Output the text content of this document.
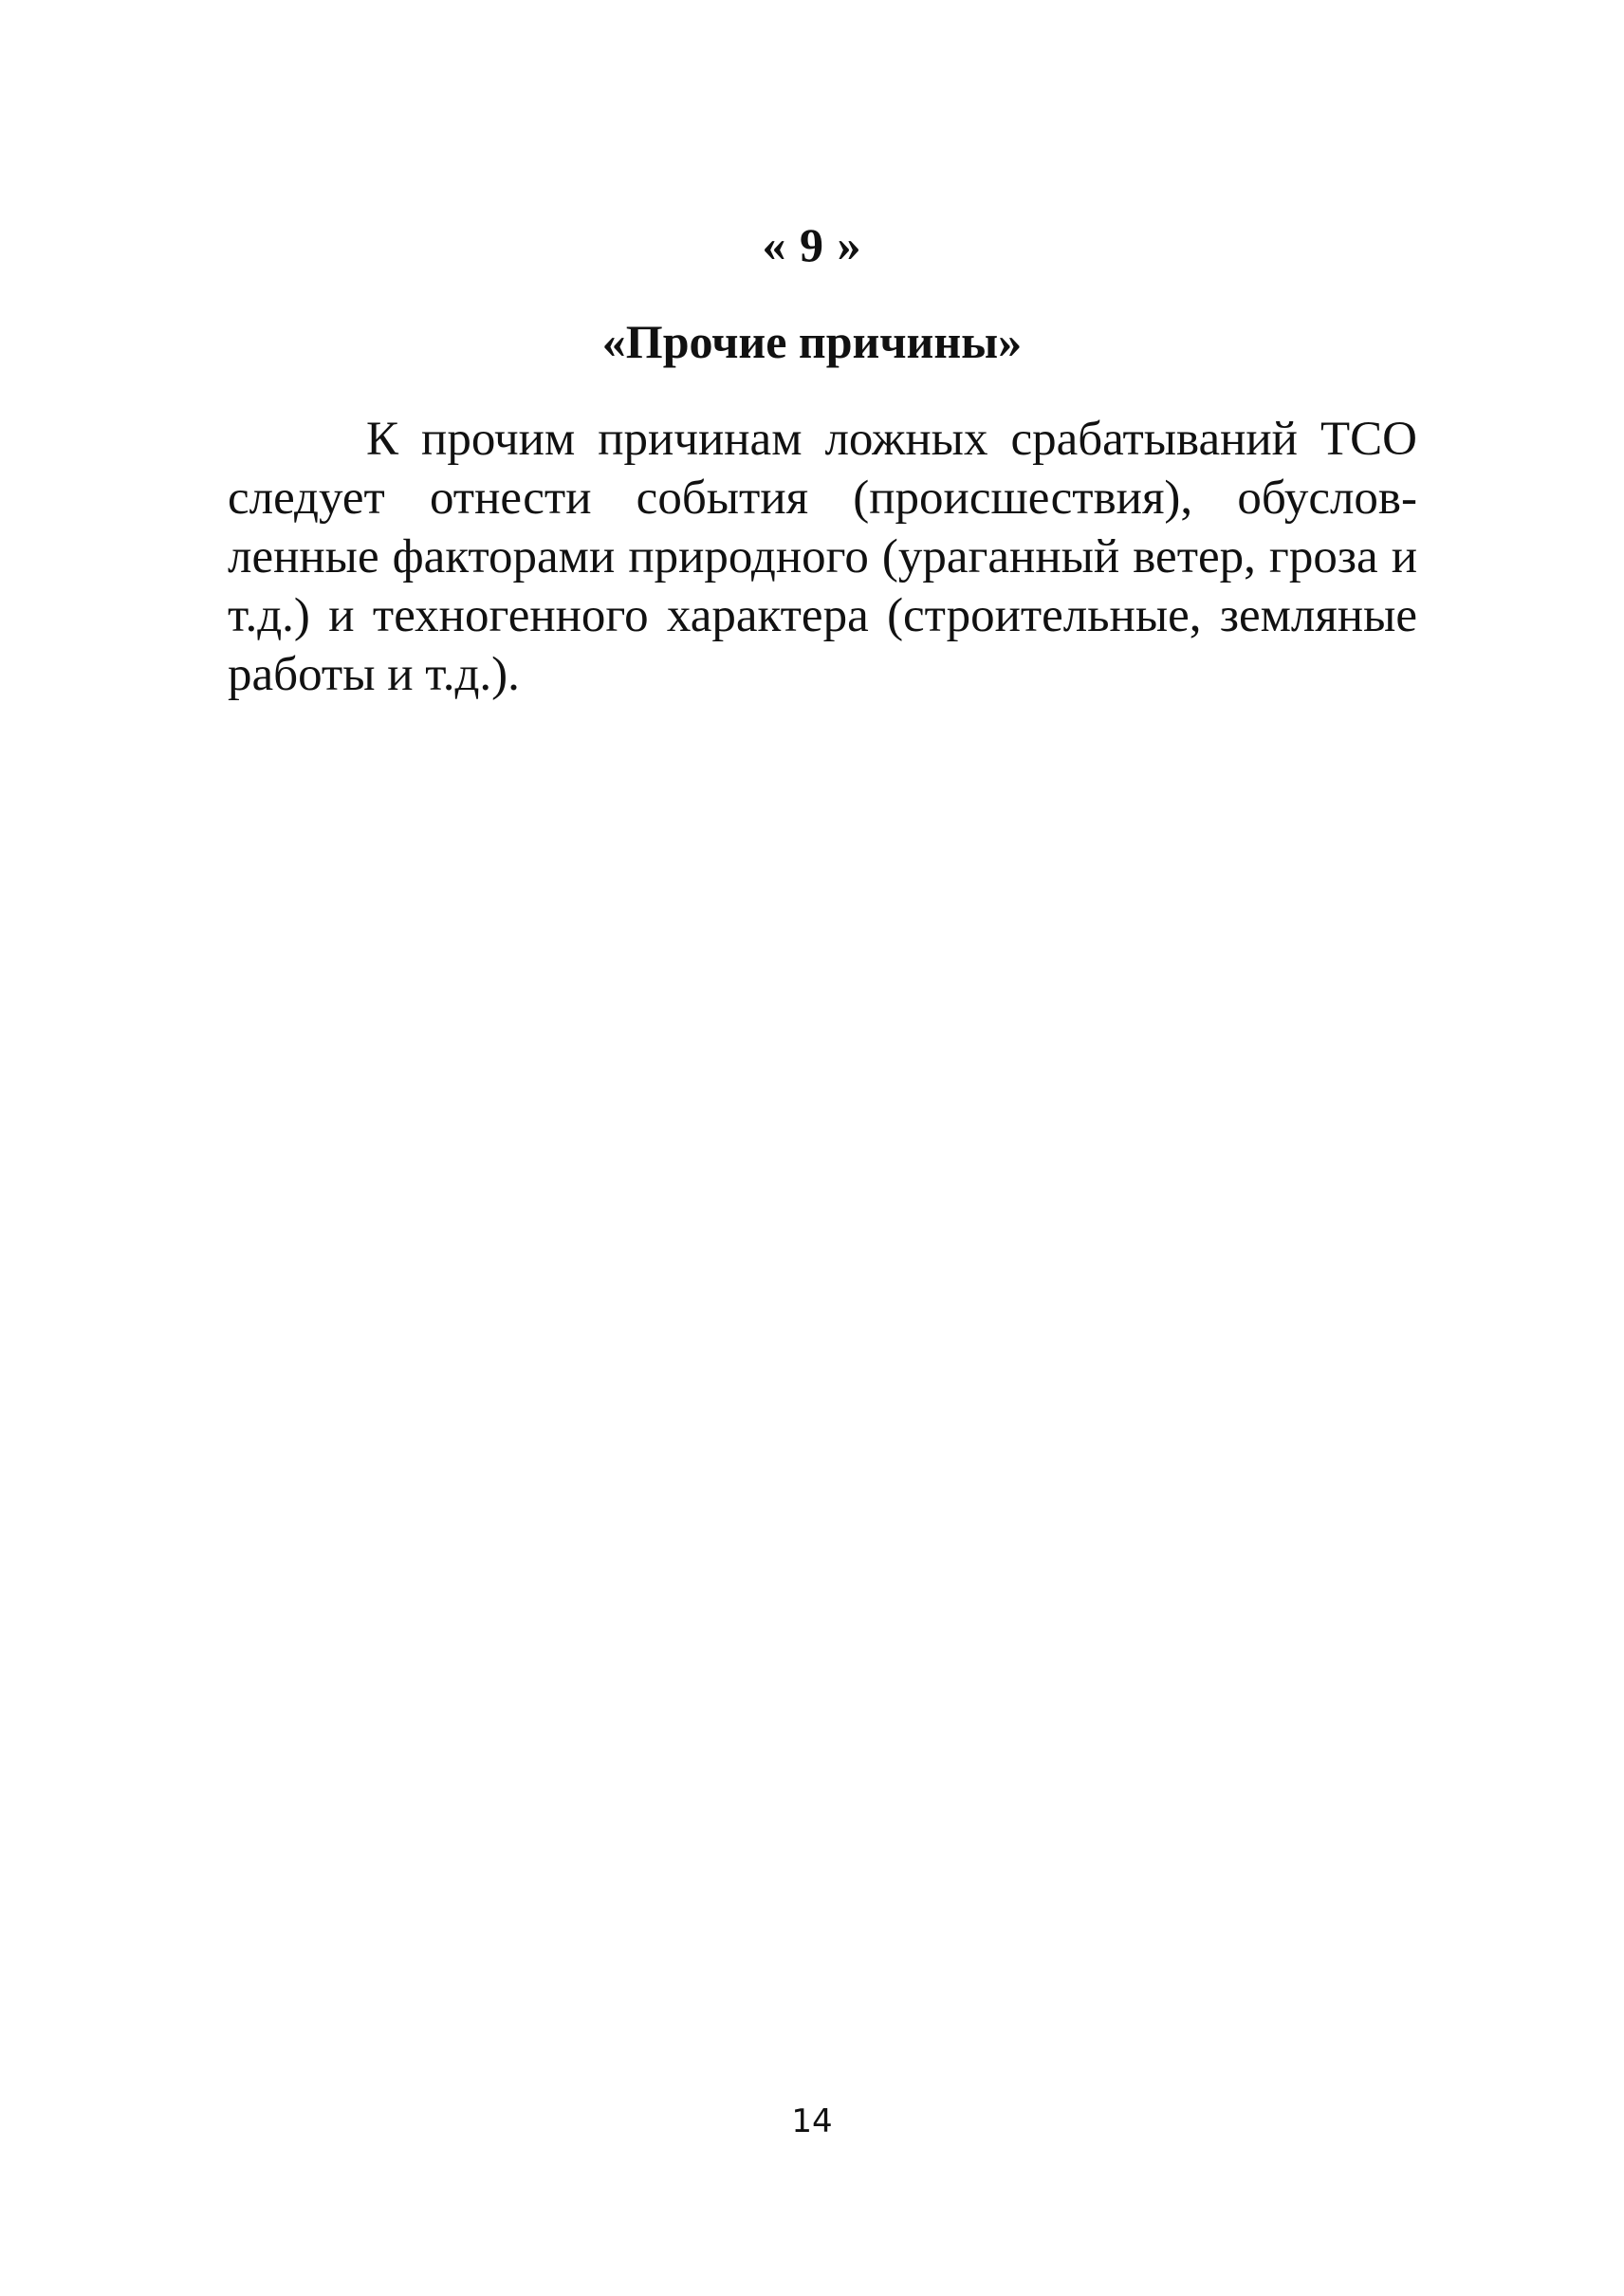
« 9 »
«Прочие причины»

К прочим причинам ложных срабатываний ТСО следует отнести события (происшествия), обусловленные факторами природного (ураганный ветер, гроза и т.д.) и техногенного характера (строительные, земляные работы и т.д.).

14
